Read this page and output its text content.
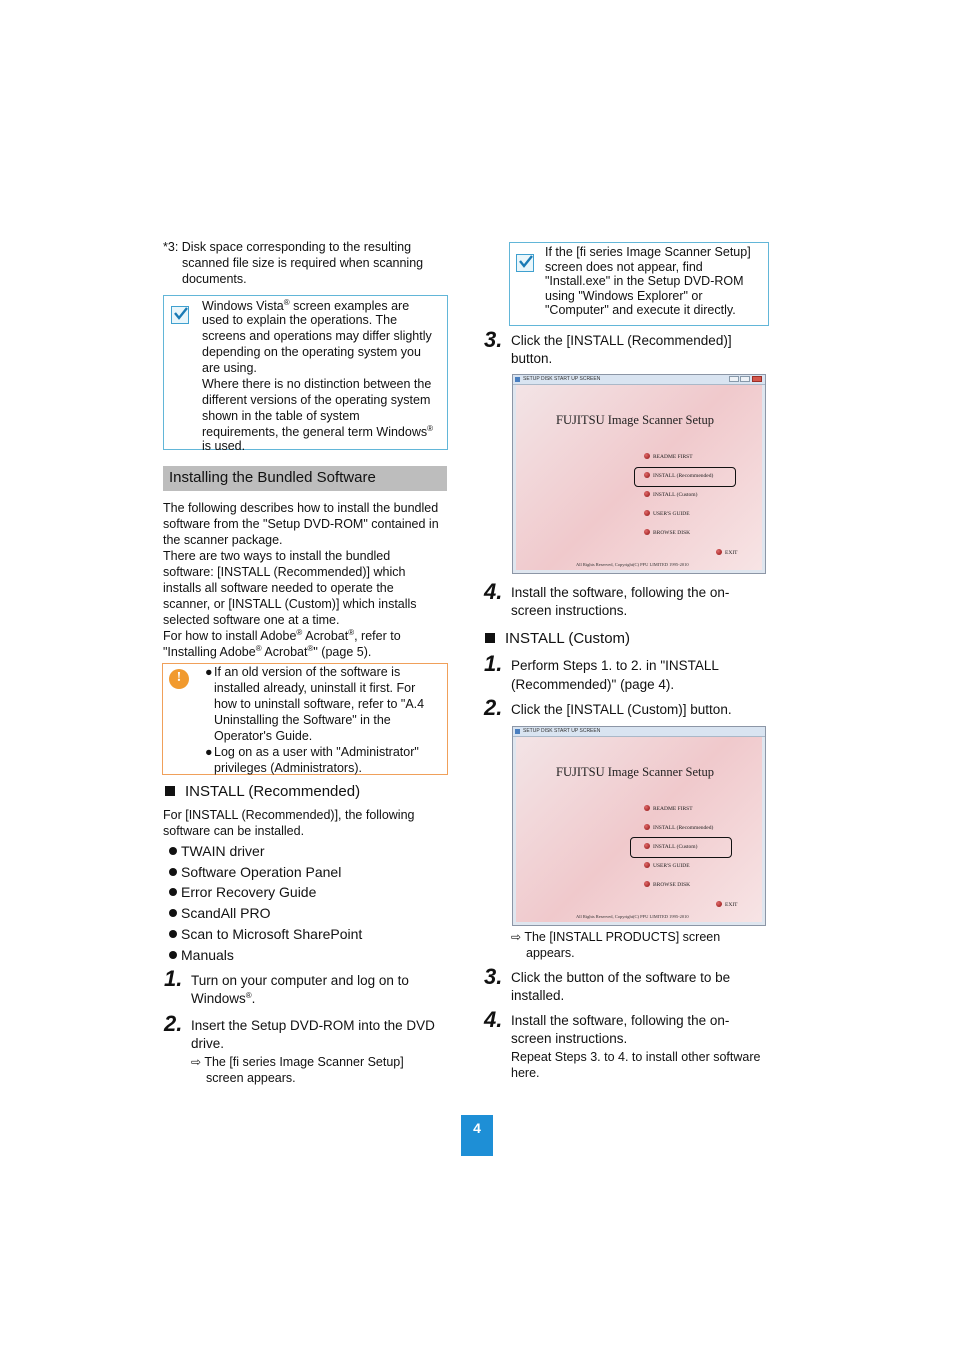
*3: Disk space corresponding to the resulting
scanned file size is required when scanning
documents.
Windows Vista® screen examples are
used to explain the operations. The
screens and operations may differ slightly
depending on the operating system you
are using.
Where there is no distinction between the
different versions of the operating system
shown in the table of system
requirements, the general term Windows®
is used.
Installing the Bundled Software
The following describes how to install the bundled
software from the "Setup DVD-ROM" contained in
the scanner package.
There are two ways to install the bundled
software: [INSTALL (Recommended)] which
installs all software needed to operate the
scanner, or [INSTALL (Custom)] which installs
selected software one at a time.
For how to install Adobe® Acrobat®, refer to
"Installing Adobe® Acrobat®" (page 5).
!	● If an old version of the software is
installed already, uninstall it first. For
how to uninstall software, refer to "A.4
Uninstalling the Software" in the
Operator's Guide.
● Log on as a user with "Administrator"
privileges (Administrators).
INSTALL (Recommended)
For [INSTALL (Recommended)], the following
software can be installed.
TWAIN driver
Software Operation Panel
Error Recovery Guide
ScandAll PRO
Scan to Microsoft SharePoint
Manuals
1. Turn on your computer and log on to
Windows®.
2. Insert the Setup DVD-ROM into the DVD
drive.
⇨ The [fi series Image Scanner Setup]
screen appears.
If the [fi series Image Scanner Setup]
screen does not appear, find
"Install.exe" in the Setup DVD-ROM
using "Windows Explorer" or
"Computer" and execute it directly.
3. Click the [INSTALL (Recommended)]
button.
SETUP DISK START UP SCREEN
FUJITSU Image Scanner Setup
README FIRST
INSTALL (Recommended)
INSTALL (Custom)
USER'S GUIDE
BROWSE DISK
EXIT
All Rights Reserved, Copyright(C) PFU LIMITED 1995-2010
4. Install the software, following the on-
screen instructions.
INSTALL (Custom)
1. Perform Steps 1. to 2. in "INSTALL
(Recommended)" (page 4).
2. Click the [INSTALL (Custom)] button.
SETUP DISK START UP SCREEN
FUJITSU Image Scanner Setup
README FIRST
INSTALL (Recommended)
INSTALL (Custom)
USER'S GUIDE
BROWSE DISK
EXIT
All Rights Reserved, Copyright(C) PFU LIMITED 1995-2010
⇨ The [INSTALL PRODUCTS] screen
appears.
3. Click the button of the software to be
installed.
4. Install the software, following the on-
screen instructions.
Repeat Steps 3. to 4. to install other software
here.
4
